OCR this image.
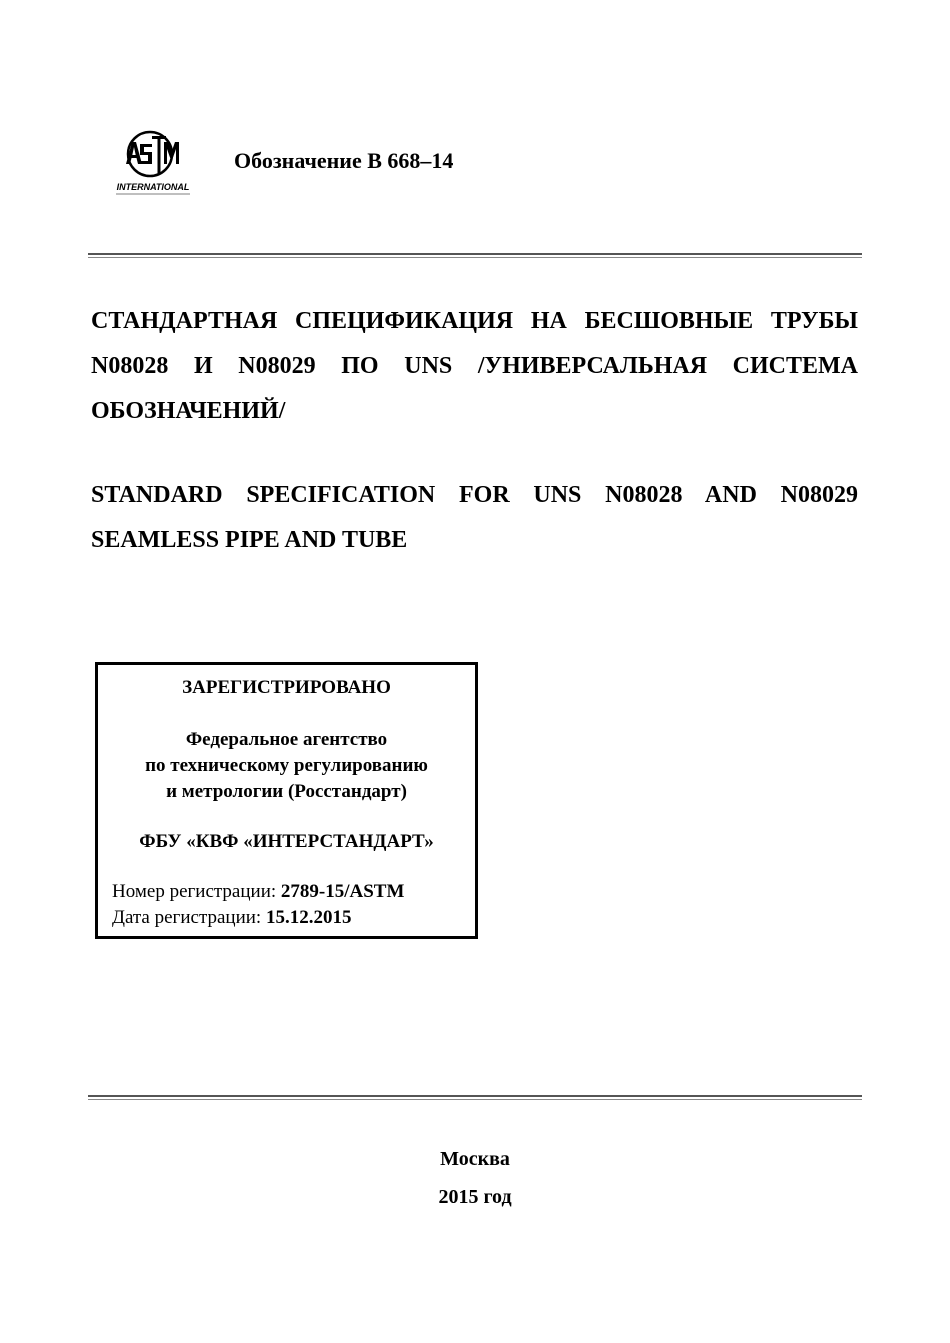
INTERNATIONAL
Обозначение B 668–14
СТАНДАРТНАЯ СПЕЦИФИКАЦИЯ НА БЕСШОВНЫЕ ТРУБЫ N08028 И N08029 ПО UNS /УНИВЕРСАЛЬНАЯ СИСТЕМА ОБОЗНАЧЕНИЙ/
STANDARD SPECIFICATION FOR UNS N08028 AND N08029 SEAMLESS PIPE AND TUBE
ЗАРЕГИСТРИРОВАНО
Федеральное агентство
по техническому регулированию
и метрологии (Росстандарт)
ФБУ «КВФ «ИНТЕРСТАНДАРТ»
Номер регистрации: 2789-15/ASTM
Дата регистрации: 15.12.2015
Москва
2015 год
